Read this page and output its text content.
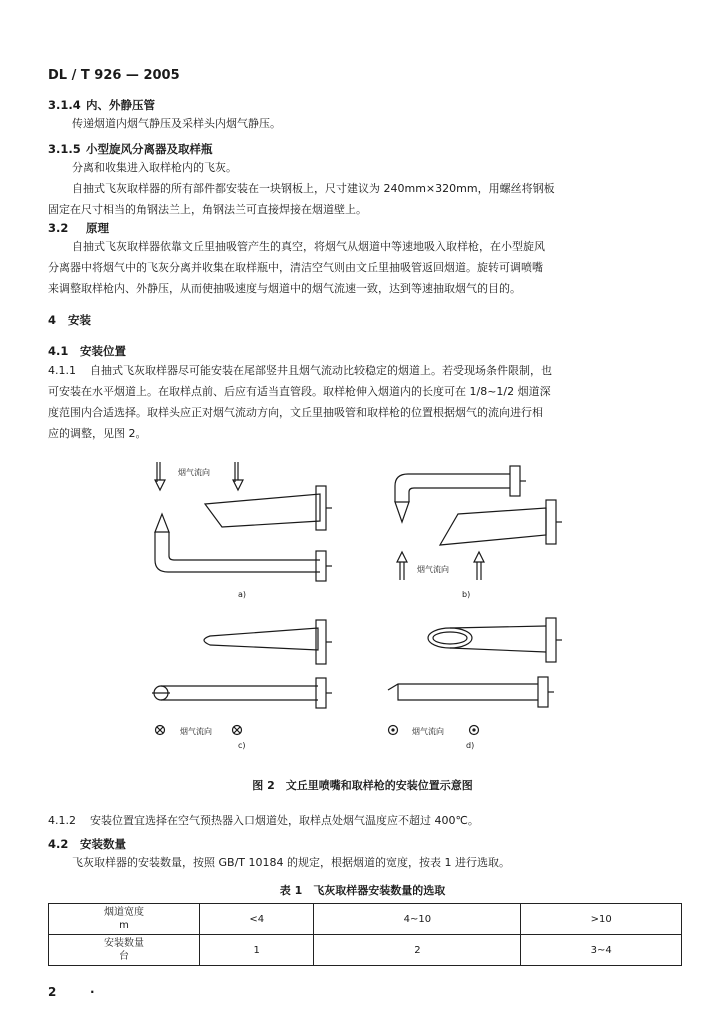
DL / T 926 — 2005
3.1.4 内、外静压管
传递烟道内烟气静压及采样头内烟气静压。
3.1.5 小型旋风分离器及取样瓶
分离和收集进入取样枪内的飞灰。
自抽式飞灰取样器的所有部件都安装在一块钢板上，尺寸建议为 240mm×320mm，用螺丝将钢板
固定在尺寸相当的角钢法兰上，角钢法兰可直接焊接在烟道壁上。
3.2 原理
自抽式飞灰取样器依靠文丘里抽吸管产生的真空，将烟气从烟道中等速地吸入取样枪，在小型旋风
分离器中将烟气中的飞灰分离并收集在取样瓶中，清洁空气则由文丘里抽吸管返回烟道。旋转可调喷嘴
来调整取样枪内、外静压，从而使抽吸速度与烟道中的烟气流速一致，达到等速抽取烟气的目的。
4 安装
4.1 安装位置
4.1.1 自抽式飞灰取样器尽可能安装在尾部竖井且烟气流动比较稳定的烟道上。若受现场条件限制，也
可安装在水平烟道上。在取样点前、后应有适当直管段。取样枪伸入烟道内的长度可在 1/8~1/2 烟道深
度范围内合适选择。取样头应正对烟气流动方向，文丘里抽吸管和取样枪的位置根据烟气的流向进行相
应的调整，见图 2。
烟气流向
烟气流向
烟气流向	烟气流向
a)	b)
c)	d)
图 2　文丘里喷嘴和取样枪的安装位置示意图
4.1.2 安装位置宜选择在空气预热器入口烟道处，取样点处烟气温度应不超过 400℃。
4.2 安装数量
飞灰取样器的安装数量，按照 GB/T 10184 的规定，根据烟道的宽度，按表 1 进行选取。
表 1　飞灰取样器安装数量的选取
烟道宽度
m	<4	4~10	>10

安装数量
台	1	2	3~4
2	·
